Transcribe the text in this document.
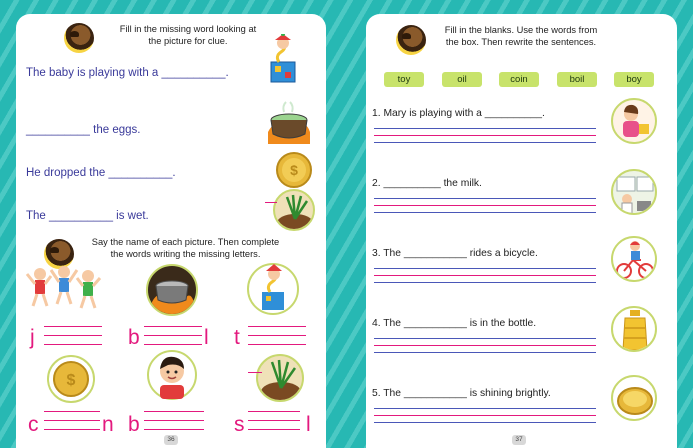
Fill in the missing word looking at
the picture for clue.
The baby is playing with a __________.
__________ the eggs.
$
He dropped the __________.
The __________ is wet.
Say the name of each picture. Then complete
the words writing the missing letters.
j	b	l t
$
c	n b	s	l
36
Fill in the blanks. Use the words from
the box. Then rewrite the sentences.
toy	oil	coin	boil	boy
1. Mary is playing with a __________.
2. __________ the milk.
3. The ___________ rides a bicycle.
4. The ___________ is in the bottle.
5. The ___________ is shining brightly.
37
